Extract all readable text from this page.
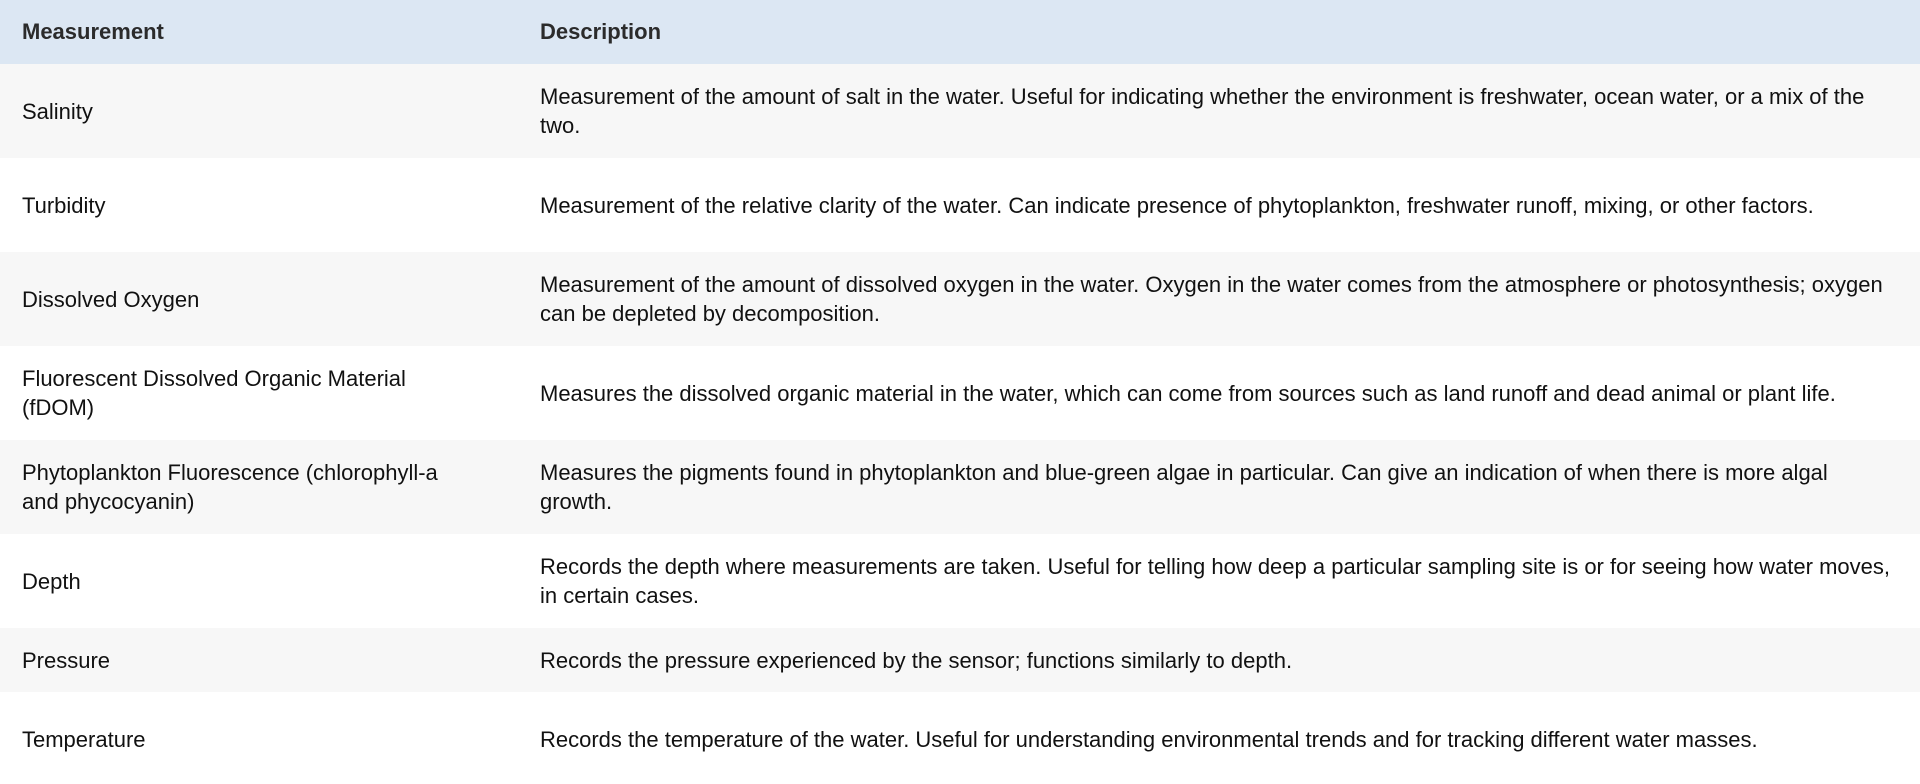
Measurement	Description
Salinity	Measurement of the amount of salt in the water. Useful for indicating whether the environment is freshwater, ocean water, or a mix of the two.
Turbidity	Measurement of the relative clarity of the water. Can indicate presence of phytoplankton, freshwater runoff, mixing, or other factors.
Dissolved Oxygen	Measurement of the amount of dissolved oxygen in the water. Oxygen in the water comes from the atmosphere or photosynthesis; oxygen can be depleted by decomposition.
Fluorescent Dissolved Organic Material (fDOM)	Measures the dissolved organic material in the water, which can come from sources such as land runoff and dead animal or plant life.
Phytoplankton Fluorescence (chlorophyll-a and phycocyanin)	Measures the pigments found in phytoplankton and blue-green algae in particular. Can give an indication of when there is more algal growth.
Depth	Records the depth where measurements are taken. Useful for telling how deep a particular sampling site is or for seeing how water moves, in certain cases.
Pressure	Records the pressure experienced by the sensor; functions similarly to depth.
Temperature	Records the temperature of the water. Useful for understanding environmental trends and for tracking different water masses.
